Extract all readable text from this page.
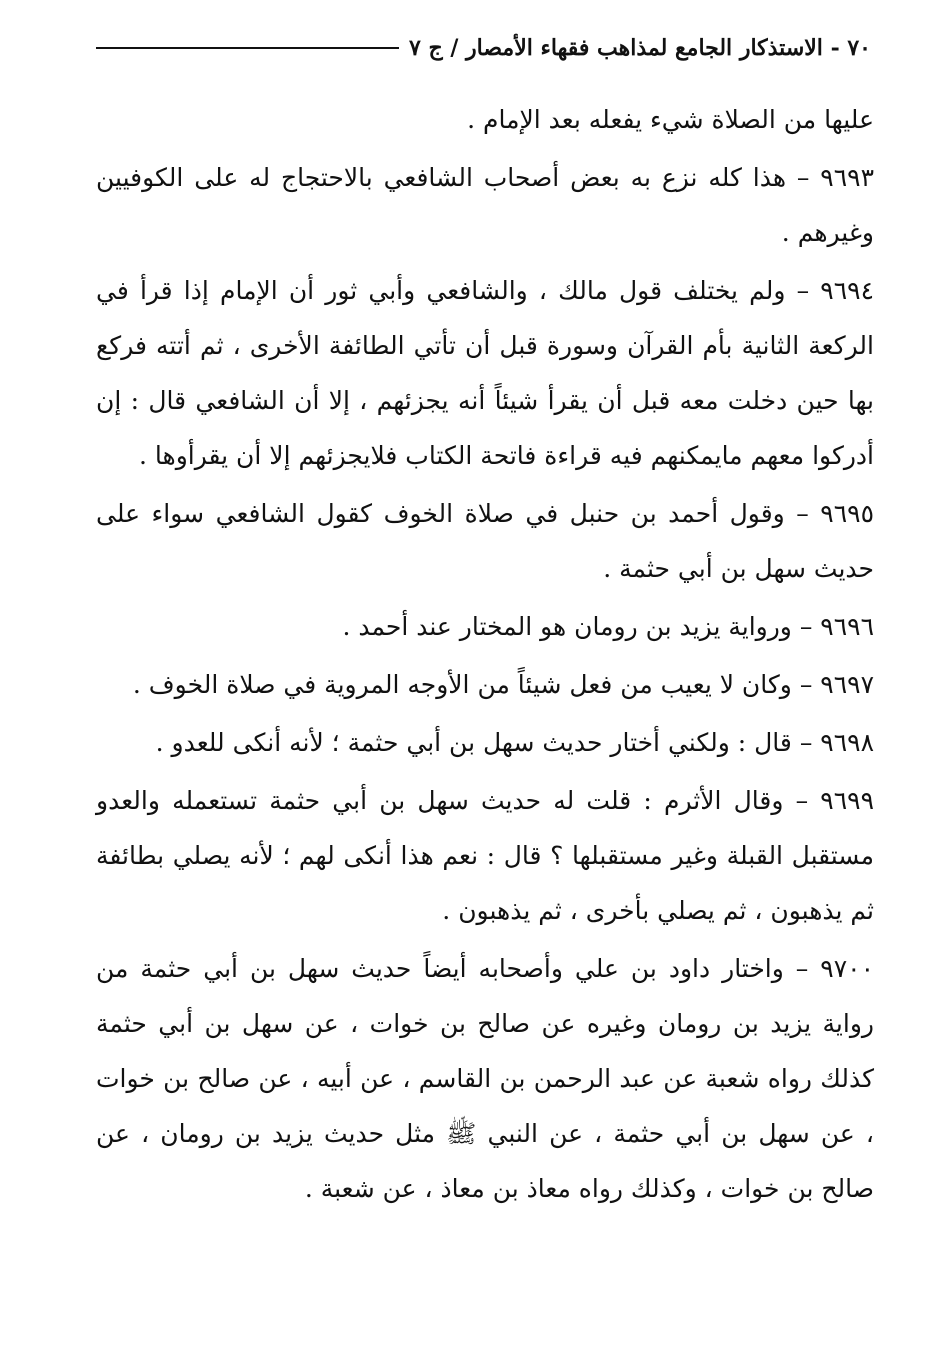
٧٠ - الاستذكار الجامع لمذاهب فقهاء الأمصار / ج ٧

عليها من الصلاة شيء يفعله بعد الإمام .

٩٦٩٣ – هذا كله نزع به بعض أصحاب الشافعي بالاحتجاج له على الكوفيين وغيرهم .

٩٦٩٤ – ولم يختلف قول مالك ، والشافعي وأبي ثور أن الإمام إذا قرأ في الركعة الثانية بأم القرآن وسورة قبل أن تأتي الطائفة الأخرى ، ثم أتته فركع بها حين دخلت معه قبل أن يقرأ شيئاً أنه يجزئهم ، إلا أن الشافعي قال : إن أدركوا معهم مايمكنهم فيه قراءة فاتحة الكتاب فلايجزئهم إلا أن يقرأوها .

٩٦٩٥ – وقول أحمد بن حنبل في صلاة الخوف كقول الشافعي سواء على حديث سهل بن أبي حثمة .

٩٦٩٦ – ورواية يزيد بن رومان هو المختار عند أحمد .

٩٦٩٧ – وكان لا يعيب من فعل شيئاً من الأوجه المروية في صلاة الخوف .

٩٦٩٨ – قال : ولكني أختار حديث سهل بن أبي حثمة ؛ لأنه أنكى للعدو .

٩٦٩٩ – وقال الأثرم : قلت له حديث سهل بن أبي حثمة تستعمله والعدو مستقبل القبلة وغير مستقبلها ؟ قال : نعم هذا أنكى لهم ؛ لأنه يصلي بطائفة ثم يذهبون ، ثم يصلي بأخرى ، ثم يذهبون .

٩٧٠٠ – واختار داود بن علي وأصحابه أيضاً حديث سهل بن أبي حثمة من رواية يزيد بن رومان وغيره عن صالح بن خوات ، عن سهل بن أبي حثمة كذلك رواه شعبة عن عبد الرحمن بن القاسم ، عن أبيه ، عن صالح بن خوات ، عن سهل بن أبي حثمة ، عن النبي ﷺ مثل حديث يزيد بن رومان ، عن صالح بن خوات ، وكذلك رواه معاذ بن معاذ ، عن شعبة .
